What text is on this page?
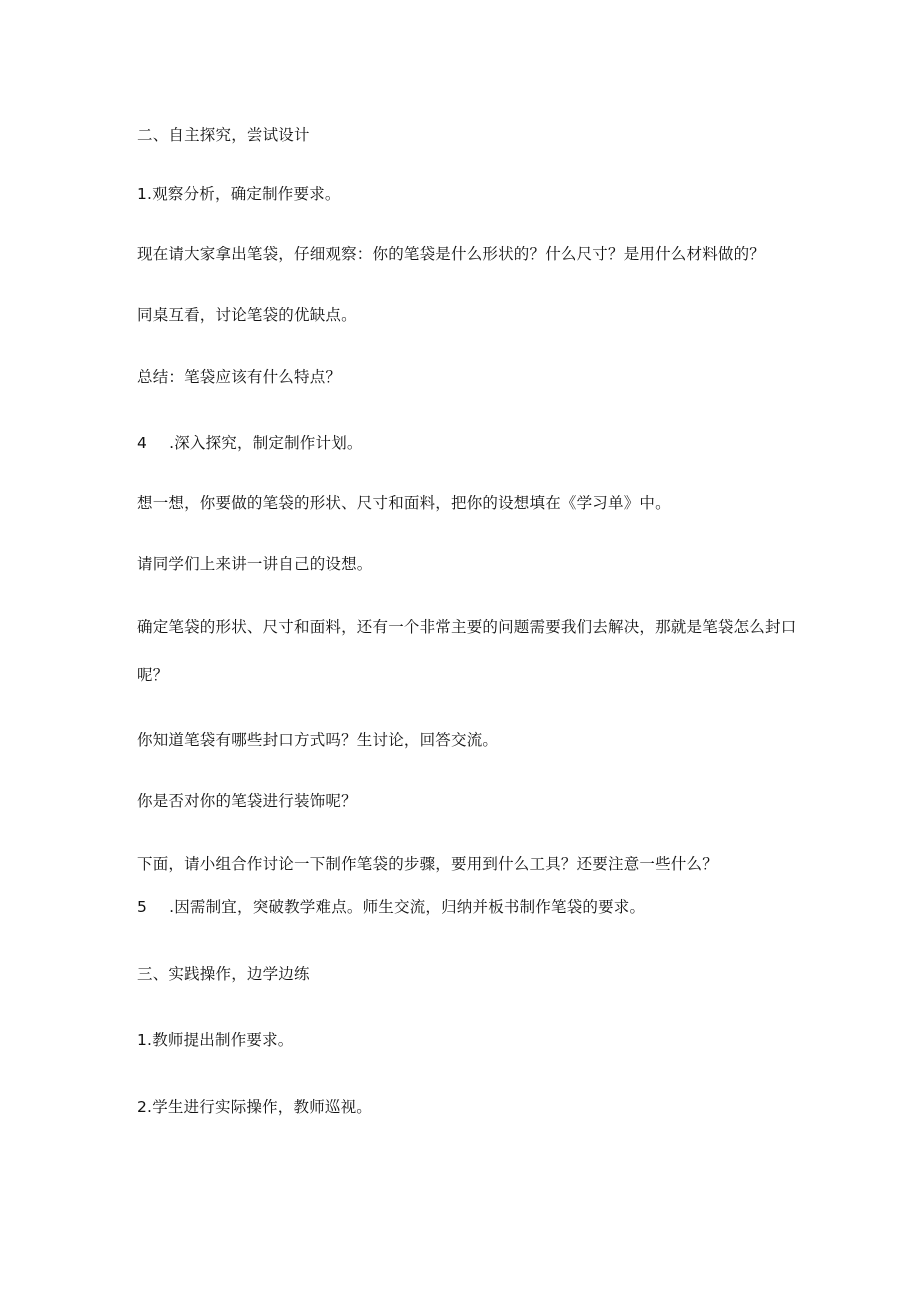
二、自主探究，尝试设计

1.观察分析，确定制作要求。

现在请大家拿出笔袋，仔细观察：你的笔袋是什么形状的？什么尺寸？是用什么材料做的？

同桌互看，讨论笔袋的优缺点。

总结：笔袋应该有什么特点？

4 .深入探究，制定制作计划。

想一想，你要做的笔袋的形状、尺寸和面料，把你的设想填在《学习单》中。

请同学们上来讲一讲自己的设想。

确定笔袋的形状、尺寸和面料，还有一个非常主要的问题需要我们去解决，那就是笔袋怎么封口

呢？

你知道笔袋有哪些封口方式吗？生讨论，回答交流。

你是否对你的笔袋进行装饰呢？

下面，请小组合作讨论一下制作笔袋的步骤，要用到什么工具？还要注意一些什么？

5 .因需制宜，突破教学难点。师生交流，归纳并板书制作笔袋的要求。

三、实践操作，边学边练

1.教师提出制作要求。

2.学生进行实际操作，教师巡视。
